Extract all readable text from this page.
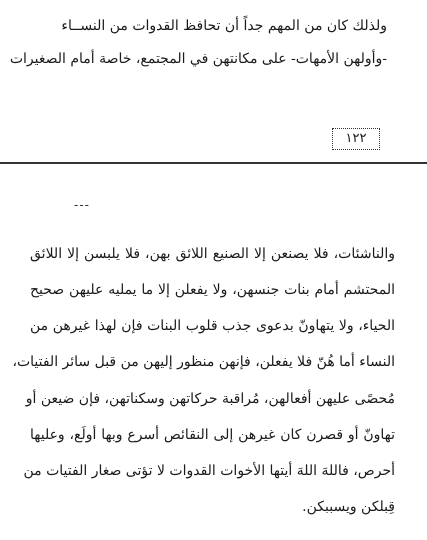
ولذلك كان من المهم جداً أن تحافظ القدوات من النســاء
-وأولهن الأمهات- على مكانتهن في المجتمع، خاصة أمام الصغيرات
١٢٢
---
والناشئات، فلا يصنعن إلا الصنيع اللائق بهن، فلا يلبسن إلا اللائق
المحتشم أمام بنات جنسهن، ولا يفعلن إلا ما يمليه عليهن صحيح
الحياء، ولا يتهاونّ بدعوى جذب قلوب البنات فإن لهذا غيرهن من
النساء أما هُنّ فلا يفعلن، فإنهن منظور إليهن من قبل سائر الفتيات،
مُحصًى عليهن أفعالهن، مُراقبة حركاتهن وسكناتهن، فإن ضيعن أو
تهاونّ أو قصرن كان غيرهن إلى النقائص أسرع وبها أولَع، وعليها
أحرص، فاللهَ اللهَ أيتها الأخوات القدوات لا تؤتى صغار الفتيات من
قِبلكن ويسببكن.
